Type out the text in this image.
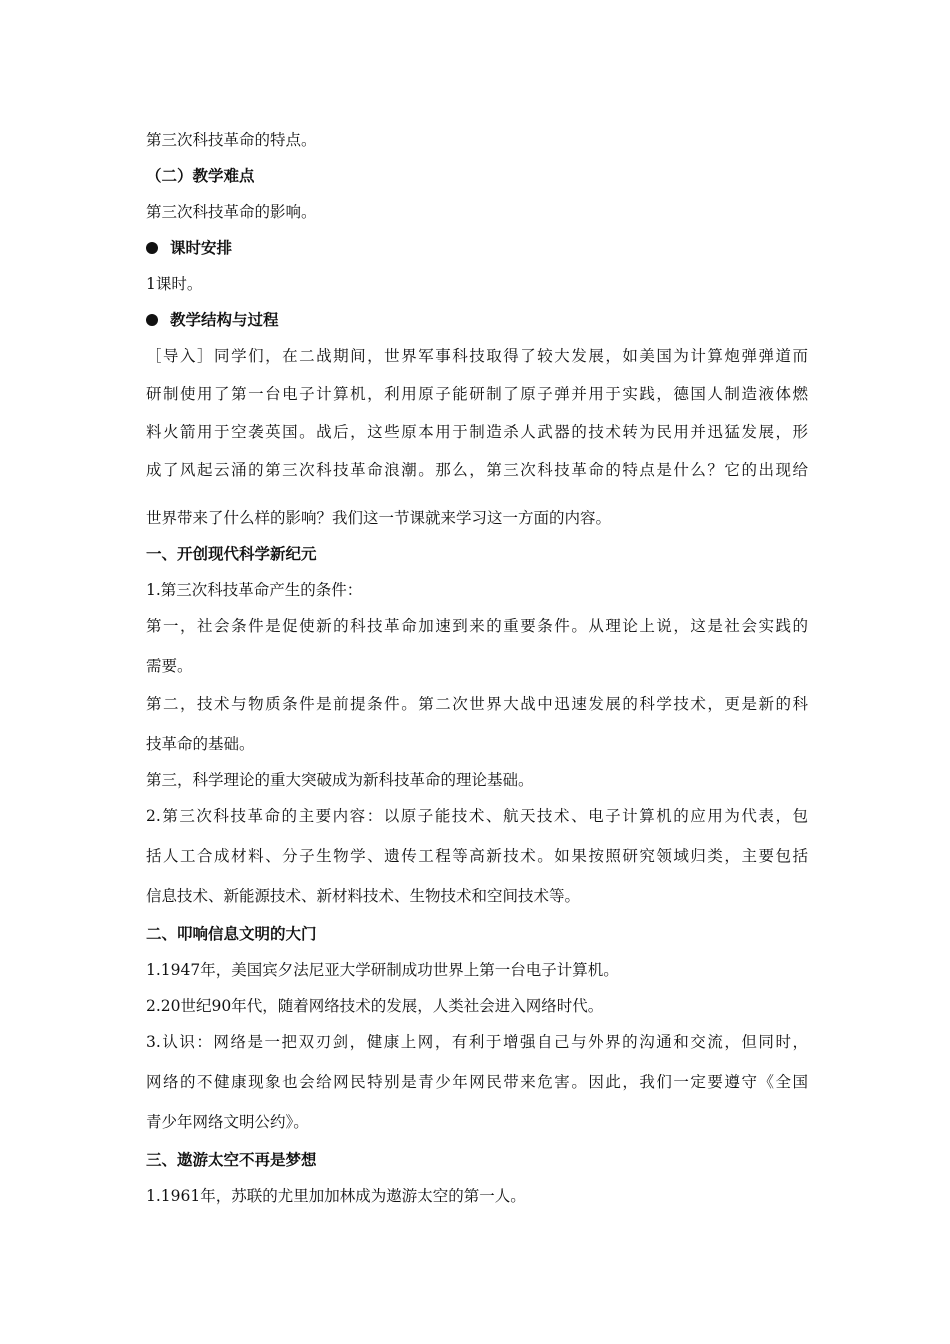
第三次科技革命的特点。
（二）教学难点
第三次科技革命的影响。
课时安排
1课时。
教学结构与过程
［导入］同学们，在二战期间，世界军事科技取得了较大发展，如美国为计算炮弹弹道而
研制使用了第一台电子计算机，利用原子能研制了原子弹并用于实践，德国人制造液体燃
料火箭用于空袭英国。战后，这些原本用于制造杀人武器的技术转为民用并迅猛发展，形
成了风起云涌的第三次科技革命浪潮。那么，第三次科技革命的特点是什么？它的出现给
世界带来了什么样的影响？我们这一节课就来学习这一方面的内容。
一、开创现代科学新纪元
1.第三次科技革命产生的条件：
第一，社会条件是促使新的科技革命加速到来的重要条件。从理论上说，这是社会实践的
需要。
第二，技术与物质条件是前提条件。第二次世界大战中迅速发展的科学技术，更是新的科
技革命的基础。
第三，科学理论的重大突破成为新科技革命的理论基础。
2.第三次科技革命的主要内容：以原子能技术、航天技术、电子计算机的应用为代表，包
括人工合成材料、分子生物学、遗传工程等高新技术。如果按照研究领域归类，主要包括
信息技术、新能源技术、新材料技术、生物技术和空间技术等。
二、叩响信息文明的大门
1.1947年，美国宾夕法尼亚大学研制成功世界上第一台电子计算机。
2.20世纪90年代，随着网络技术的发展，人类社会进入网络时代。
3.认识：网络是一把双刃剑，健康上网，有利于增强自己与外界的沟通和交流，但同时，
网络的不健康现象也会给网民特别是青少年网民带来危害。因此，我们一定要遵守《全国
青少年网络文明公约》。
三、遨游太空不再是梦想
1.1961年，苏联的尤里加加林成为遨游太空的第一人。
